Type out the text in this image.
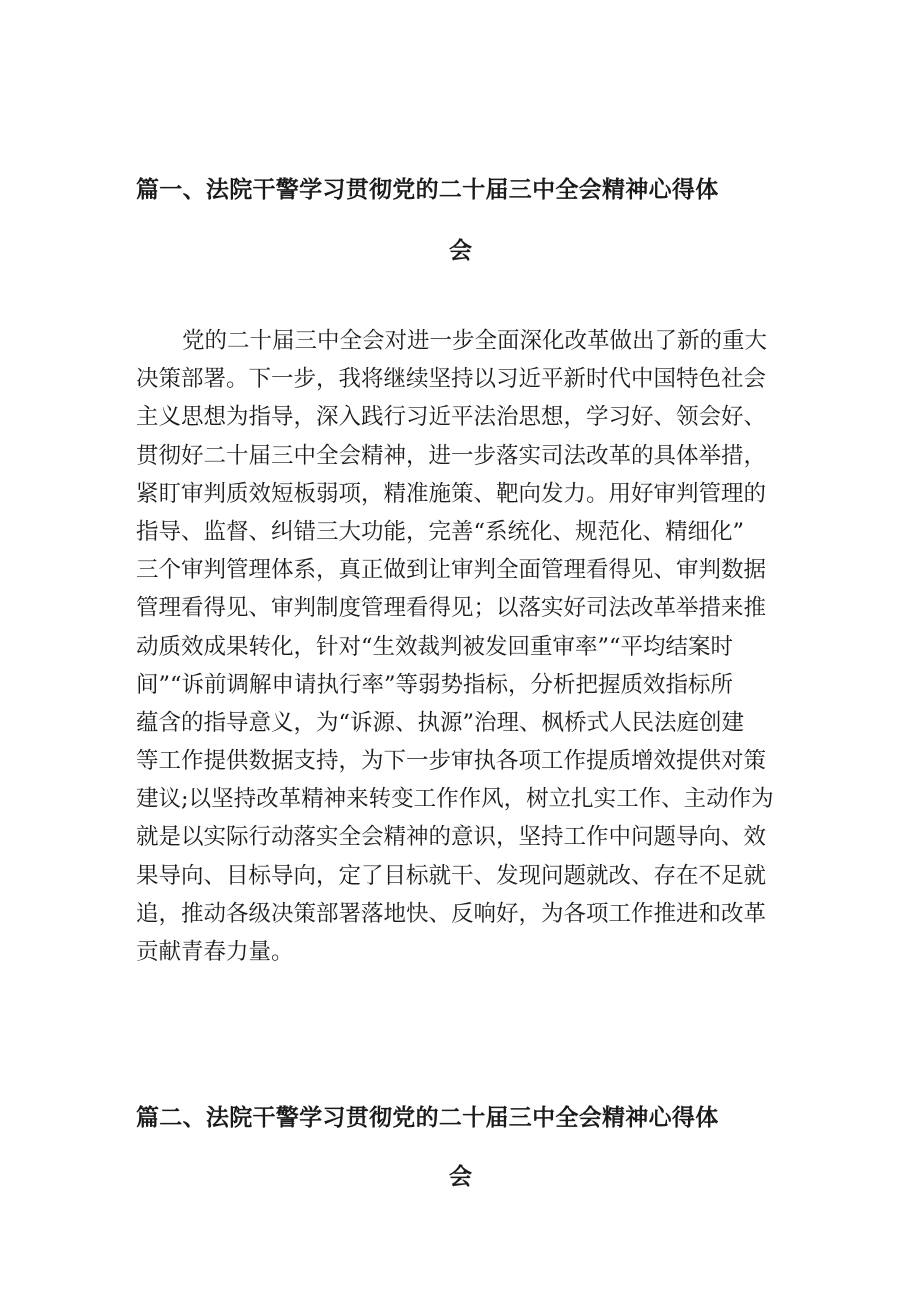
篇一、法院干警学习贯彻党的二十届三中全会精神心得体
会
党的二十届三中全会对进一步全面深化改革做出了新的重大
决策部署。下一步，我将继续坚持以习近平新时代中国特色社会
主义思想为指导，深入践行习近平法治思想，学习好、领会好、
贯彻好二十届三中全会精神，进一步落实司法改革的具体举措，
紧盯审判质效短板弱项，精准施策、靶向发力。用好审判管理的
指导、监督、纠错三大功能，完善“系统化、规范化、精细化”
三个审判管理体系，真正做到让审判全面管理看得见、审判数据
管理看得见、审判制度管理看得见；以落实好司法改革举措来推
动质效成果转化，针对“生效裁判被发回重审率”“平均结案时
间”“诉前调解申请执行率”等弱势指标，分析把握质效指标所
蕴含的指导意义，为“诉源、执源”治理、枫桥式人民法庭创建
等工作提供数据支持，为下一步审执各项工作提质增效提供对策
建议;以坚持改革精神来转变工作作风，树立扎实工作、主动作为
就是以实际行动落实全会精神的意识，坚持工作中问题导向、效
果导向、目标导向，定了目标就干、发现问题就改、存在不足就
追，推动各级决策部署落地快、反响好，为各项工作推进和改革
贡献青春力量。
篇二、法院干警学习贯彻党的二十届三中全会精神心得体
会
